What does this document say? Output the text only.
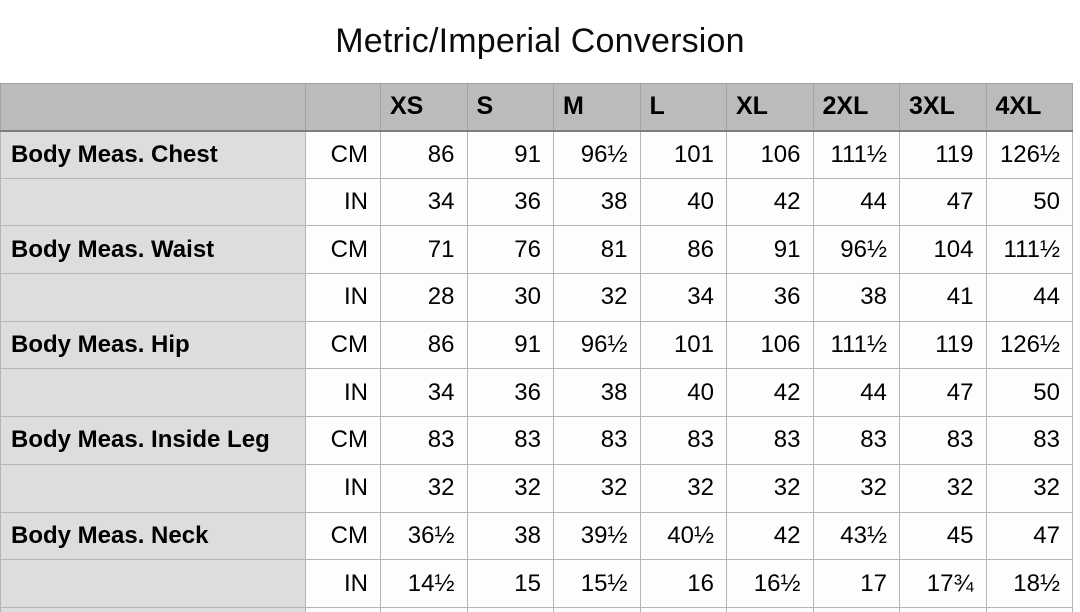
Metric/Imperial Conversion
		XS	S	M	L	XL	2XL	3XL	4XL
Body Meas. Chest	CM	86	91	96½	101	106	111½	119	126½
	IN	34	36	38	40	42	44	47	50
Body Meas. Waist	CM	71	76	81	86	91	96½	104	111½
	IN	28	30	32	34	36	38	41	44
Body Meas. Hip	CM	86	91	96½	101	106	111½	119	126½
	IN	34	36	38	40	42	44	47	50
Body Meas. Inside Leg	CM	83	83	83	83	83	83	83	83
	IN	32	32	32	32	32	32	32	32
Body Meas. Neck	CM	36½	38	39½	40½	42	43½	45	47
	IN	14½	15	15½	16	16½	17	17¾	18½
